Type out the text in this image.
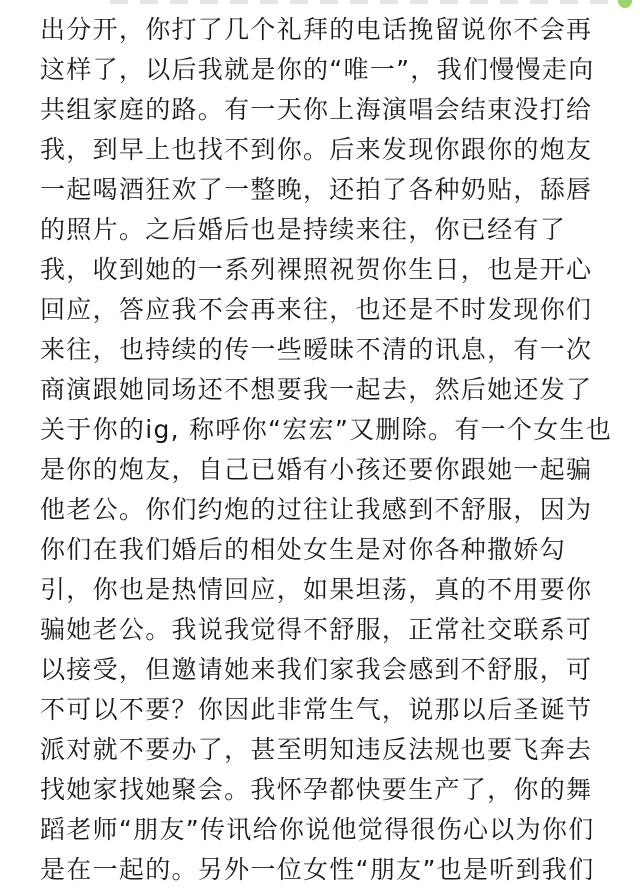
出分开，你打了几个礼拜的电话挽留说你不会再
这样了，以后我就是你的“唯一”，我们慢慢走向
共组家庭的路。有一天你上海演唱会结束没打给
我，到早上也找不到你。后来发现你跟你的炮友
一起喝酒狂欢了一整晚，还拍了各种奶贴，舔唇
的照片。之后婚后也是持续来往，你已经有了
我，收到她的一系列裸照祝贺你生日，也是开心
回应，答应我不会再来往，也还是不时发现你们
来往，也持续的传一些暧昧不清的讯息，有一次
商演跟她同场还不想要我一起去，然后她还发了
关于你的ig, 称呼你“宏宏”又删除。有一个女生也
是你的炮友，自己已婚有小孩还要你跟她一起骗
他老公。你们约炮的过往让我感到不舒服，因为
你们在我们婚后的相处女生是对你各种撒娇勾
引，你也是热情回应，如果坦荡，真的不用要你
骗她老公。我说我觉得不舒服，正常社交联系可
以接受，但邀请她来我们家我会感到不舒服，可
不可以不要？你因此非常生气，说那以后圣诞节
派对就不要办了，甚至明知违反法规也要飞奔去
找她家找她聚会。我怀孕都快要生产了，你的舞
蹈老师“朋友”传讯给你说他觉得很伤心以为你们
是在一起的。另外一位女性“朋友”也是听到我们
